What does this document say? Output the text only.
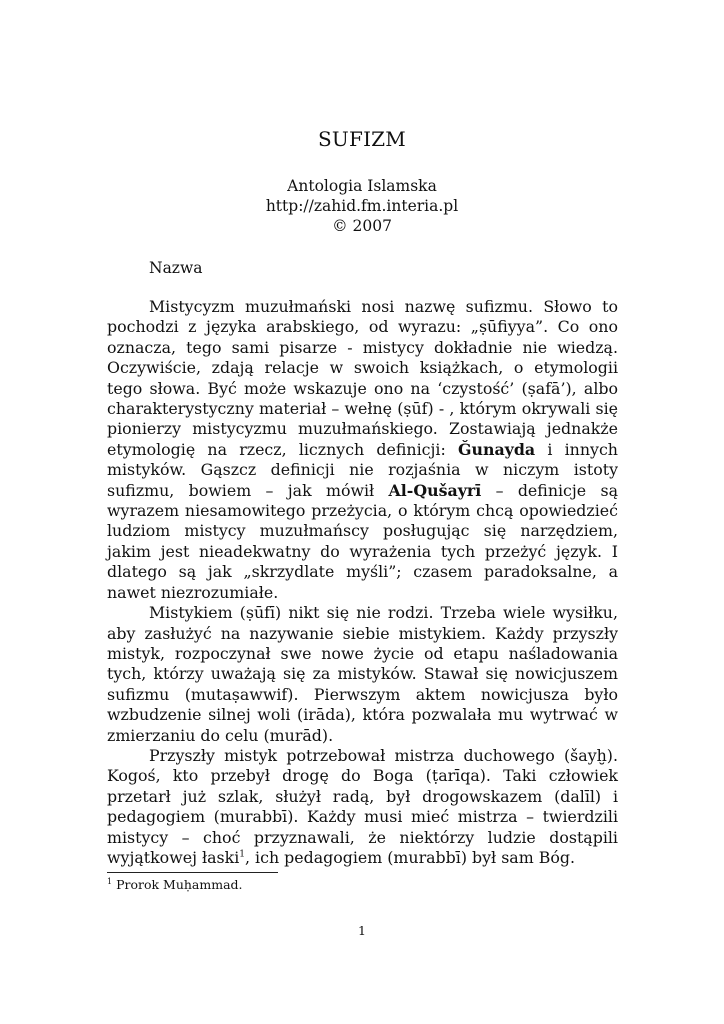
SUFIZM
Antologia Islamska
http://zahid.fm.interia.pl
© 2007
Nazwa

Mistycyzm muzułmański nosi nazwę sufizmu. Słowo to pochodzi z języka arabskiego, od wyrazu: „ṣūfiyya”. Co ono oznacza, tego sami pisarze - mistycy dokładnie nie wiedzą. Oczywiście, zdają relacje w swoich książkach, o etymologii tego słowa. Być może wskazuje ono na ‘czystość’ (ṣafā’), albo charakterystyczny materiał – wełnę (ṣūf) - , którym okrywali się pionierzy mistycyzmu muzułmańskiego. Zostawiają jednakże etymologię na rzecz, licznych definicji: Ǧunayda i innych mistyków. Gąszcz definicji nie rozjaśnia w niczym istoty sufizmu, bowiem – jak mówił Al-Qušayrī – definicje są wyrazem niesamowitego przeżycia, o którym chcą opowiedzieć ludziom mistycy muzułmańscy posługując się narzędziem, jakim jest nieadekwatny do wyrażenia tych przeżyć język. I dlatego są jak „skrzydlate myśli”; czasem paradoksalne, a nawet niezrozumiałe.

Mistykiem (ṣūfī) nikt się nie rodzi. Trzeba wiele wysiłku, aby zasłużyć na nazywanie siebie mistykiem. Każdy przyszły mistyk, rozpoczynał swe nowe życie od etapu naśladowania tych, którzy uważają się za mistyków. Stawał się nowicjuszem sufizmu (mutaṣawwif). Pierwszym aktem nowicjusza było wzbudzenie silnej woli (irāda), która pozwalała mu wytrwać w zmierzaniu do celu (murād).

Przyszły mistyk potrzebował mistrza duchowego (šayḫ). Kogoś, kto przebył drogę do Boga (ṭarīqa). Taki człowiek przetarł już szlak, służył radą, był drogowskazem (dalīl) i pedagogiem (murabbī). Każdy musi mieć mistrza – twierdzili mistycy – choć przyznawali, że niektórzy ludzie dostąpili wyjątkowej łaski$^1$, ich pedagogiem (murabbī) był sam Bóg.

$^1$ Prorok Muḥammad.
1
